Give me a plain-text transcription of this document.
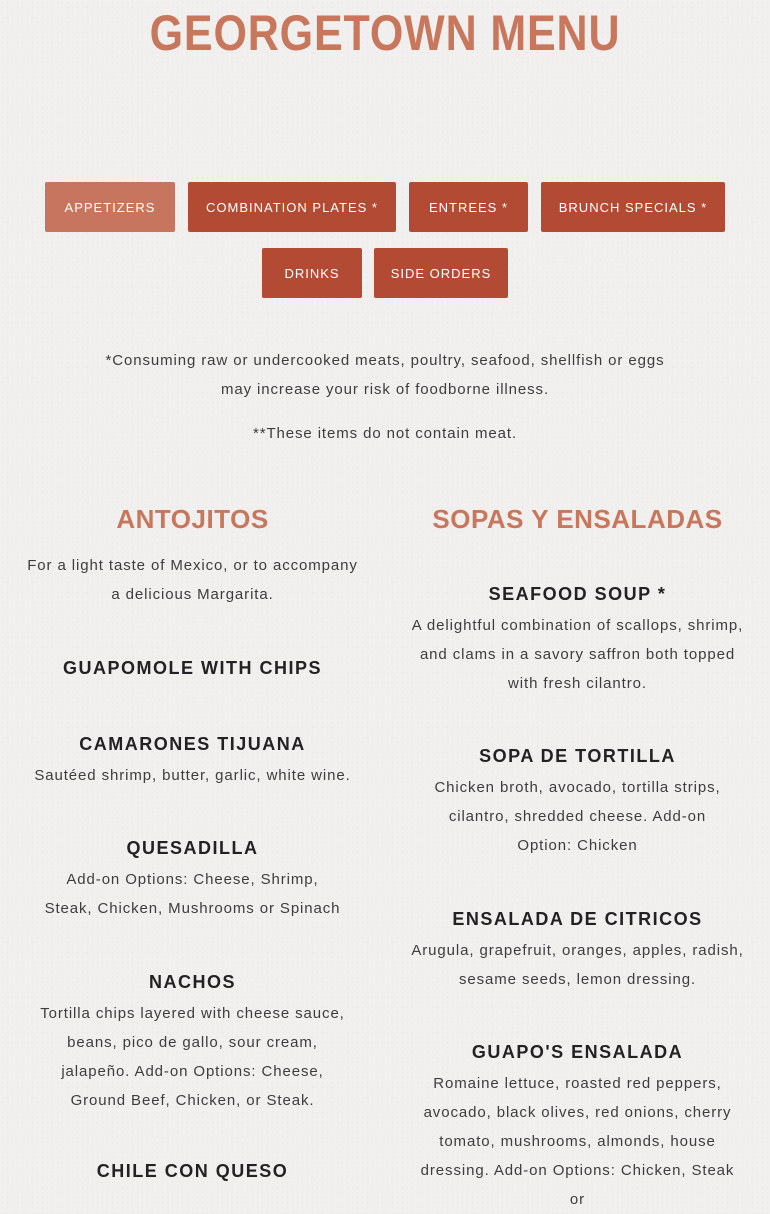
GEORGETOWN MENU
APPETIZERS	COMBINATION PLATES *	ENTREES *	BRUNCH SPECIALS *
DRINKS	SIDE ORDERS

*Consuming raw or undercooked meats, poultry, seafood, shellfish or eggs may increase your risk of foodborne illness.

**These items do not contain meat.

ANTOJITOS

For a light taste of Mexico, or to accompany a delicious Margarita.

GUAPOMOLE WITH CHIPS
CAMARONES TIJUANA

Sautéed shrimp, butter, garlic, white wine.

QUESADILLA

Add-on Options: Cheese, Shrimp, Steak, Chicken, Mushrooms or Spinach

NACHOS

Tortilla chips layered with cheese sauce, beans, pico de gallo, sour cream, jalapeño. Add-on Options: Cheese, Ground Beef, Chicken, or Steak.

CHILE CON QUESO
SOPAS Y ENSALADAS
SEAFOOD SOUP *

A delightful combination of scallops, shrimp, and clams in a savory saffron both topped with fresh cilantro.

SOPA DE TORTILLA

Chicken broth, avocado, tortilla strips, cilantro, shredded cheese. Add-on Option: Chicken

ENSALADA DE CITRICOS

Arugula, grapefruit, oranges, apples, radish, sesame seeds, lemon dressing.

GUAPO'S ENSALADA

Romaine lettuce, roasted red peppers, avocado, black olives, red onions, cherry tomato, mushrooms, almonds, house dressing. Add-on Options: Chicken, Steak or
